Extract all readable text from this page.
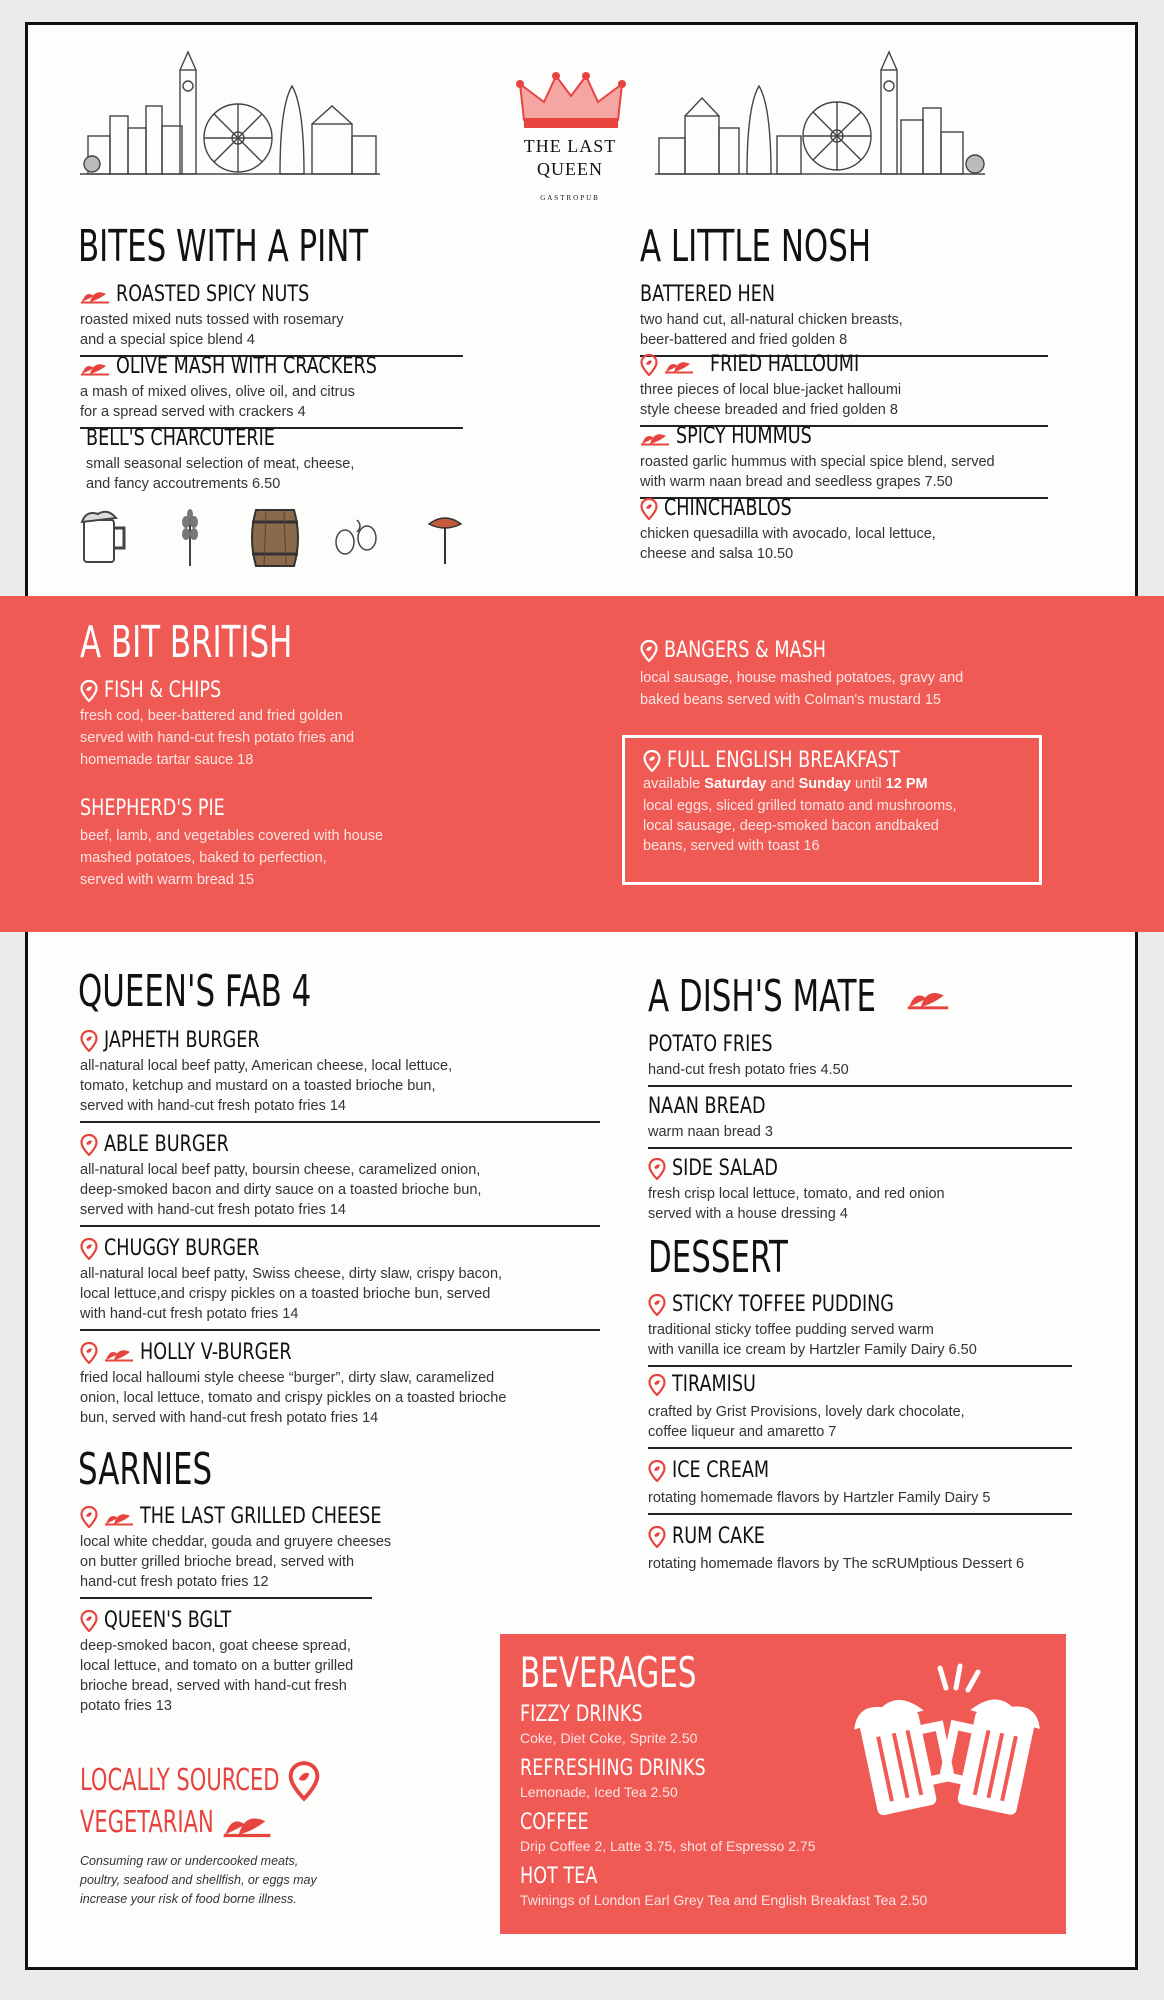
THE LAST
QUEEN
GASTROPUB
BITES WITH A PINT
ROASTED SPICY NUTS
roasted mixed nuts tossed with rosemary
and a special spice blend 4
OLIVE MASH WITH CRACKERS
a mash of mixed olives, olive oil, and citrus
for a spread served with crackers 4
BELL'S CHARCUTERIE
small seasonal selection of meat, cheese,
and fancy accoutrements 6.50
A LITTLE NOSH
BATTERED HEN
two hand cut, all-natural chicken breasts,
beer-battered and fried golden 8
FRIED HALLOUMI
three pieces of local blue-jacket halloumi
style cheese breaded and fried golden 8
SPICY HUMMUS
roasted garlic hummus with special spice blend, served
with warm naan bread and seedless grapes 7.50
CHINCHABLOS
chicken quesadilla with avocado, local lettuce,
cheese and salsa 10.50
A BIT BRITISH
FISH & CHIPS
fresh cod, beer-battered and fried golden
served with hand-cut fresh potato fries and
homemade tartar sauce 18
SHEPHERD'S PIE
beef, lamb, and vegetables covered with house
mashed potatoes, baked to perfection,
served with warm bread 15
BANGERS & MASH
local sausage, house mashed potatoes, gravy and
baked beans served with Colman's mustard 15
FULL ENGLISH BREAKFAST
available Saturday and Sunday until 12 PM
local eggs, sliced grilled tomato and mushrooms,
local sausage, deep-smoked bacon andbaked
beans, served with toast 16
QUEEN'S FAB 4
JAPHETH BURGER
all-natural local beef patty, American cheese, local lettuce,
tomato, ketchup and mustard on a toasted brioche bun,
served with hand-cut fresh potato fries 14
ABLE BURGER
all-natural local beef patty, boursin cheese, caramelized onion,
deep-smoked bacon and dirty sauce on a toasted brioche bun,
served with hand-cut fresh potato fries 14
CHUGGY BURGER
all-natural local beef patty, Swiss cheese, dirty slaw, crispy bacon,
local lettuce,and crispy pickles on a toasted brioche bun, served
with hand-cut fresh potato fries 14
HOLLY V-BURGER
fried local halloumi style cheese “burger”, dirty slaw, caramelized
onion, local lettuce, tomato and crispy pickles on a toasted brioche
bun, served with hand-cut fresh potato fries 14
SARNIES
THE LAST GRILLED CHEESE
local white cheddar, gouda and gruyere cheeses
on butter grilled brioche bread, served with
hand-cut fresh potato fries 12
QUEEN'S BGLT
deep-smoked bacon, goat cheese spread,
local lettuce, and tomato on a butter grilled
brioche bread, served with hand-cut fresh
potato fries 13
LOCALLY SOURCED
VEGETARIAN
Consuming raw or undercooked meats,
poultry, seafood and shellfish, or eggs may
increase your risk of food borne illness.
A DISH'S MATE
POTATO FRIES
hand-cut fresh potato fries 4.50
NAAN BREAD
warm naan bread 3
SIDE SALAD
fresh crisp local lettuce, tomato, and red onion
served with a house dressing 4
DESSERT
STICKY TOFFEE PUDDING
traditional sticky toffee pudding served warm
with vanilla ice cream by Hartzler Family Dairy 6.50
TIRAMISU
crafted by Grist Provisions, lovely dark chocolate,
coffee liqueur and amaretto 7
ICE CREAM
rotating homemade flavors by Hartzler Family Dairy 5
RUM CAKE
rotating homemade flavors by The scRUMptious Dessert 6
BEVERAGES
FIZZY DRINKS
Coke, Diet Coke, Sprite 2.50
REFRESHING DRINKS
Lemonade, Iced Tea 2.50
COFFEE
Drip Coffee 2, Latte 3.75, shot of Espresso 2.75
HOT TEA
Twinings of London Earl Grey Tea and English Breakfast Tea 2.50
